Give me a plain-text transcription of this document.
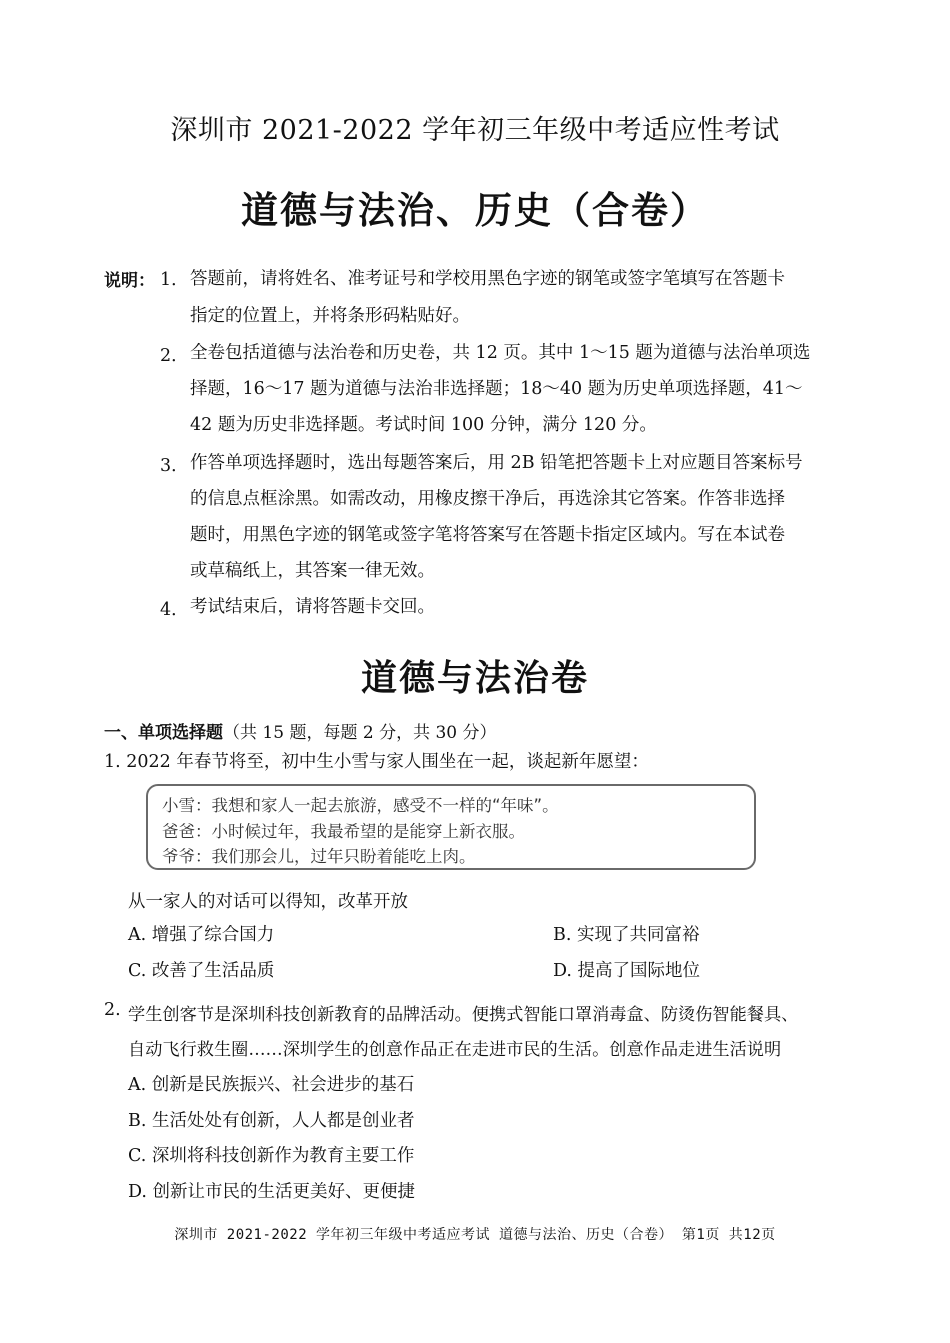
深圳市 2021-2022 学年初三年级中考适应性考试
道德与法治、历史（合卷）
说明： 1． 答题前，请将姓名、准考证号和学校用黑色字迹的钢笔或签字笔填写在答题卡
指定的位置上，并将条形码粘贴好。
2． 全卷包括道德与法治卷和历史卷，共 12 页。其中 1～15 题为道德与法治单项选
择题，16～17 题为道德与法治非选择题；18～40 题为历史单项选择题，41～
42 题为历史非选择题。考试时间 100 分钟，满分 120 分。
3． 作答单项选择题时，选出每题答案后，用 2B 铅笔把答题卡上对应题目答案标号
的信息点框涂黑。如需改动，用橡皮擦干净后，再选涂其它答案。作答非选择
题时，用黑色字迹的钢笔或签字笔将答案写在答题卡指定区域内。写在本试卷
或草稿纸上，其答案一律无效。
4． 考试结束后，请将答题卡交回。
道德与法治卷
一、单项选择题（共 15 题，每题 2 分，共 30 分）
1. 2022 年春节将至，初中生小雪与家人围坐在一起，谈起新年愿望：
小雪：我想和家人一起去旅游，感受不一样的“年味”。
爸爸：小时候过年，我最希望的是能穿上新衣服。
爷爷：我们那会儿，过年只盼着能吃上肉。
从一家人的对话可以得知，改革开放
A. 增强了综合国力	B. 实现了共同富裕
C. 改善了生活品质	D. 提高了国际地位
2. 学生创客节是深圳科技创新教育的品牌活动。便携式智能口罩消毒盒、防烫伤智能餐具、
自动飞行救生圈……深圳学生的创意作品正在走进市民的生活。创意作品走进生活说明
A. 创新是民族振兴、社会进步的基石
B. 生活处处有创新，人人都是创业者
C. 深圳将科技创新作为教育主要工作
D. 创新让市民的生活更美好、更便捷
深圳市 2021-2022 学年初三年级中考适应考试 道德与法治、历史（合卷） 第1页 共12页
